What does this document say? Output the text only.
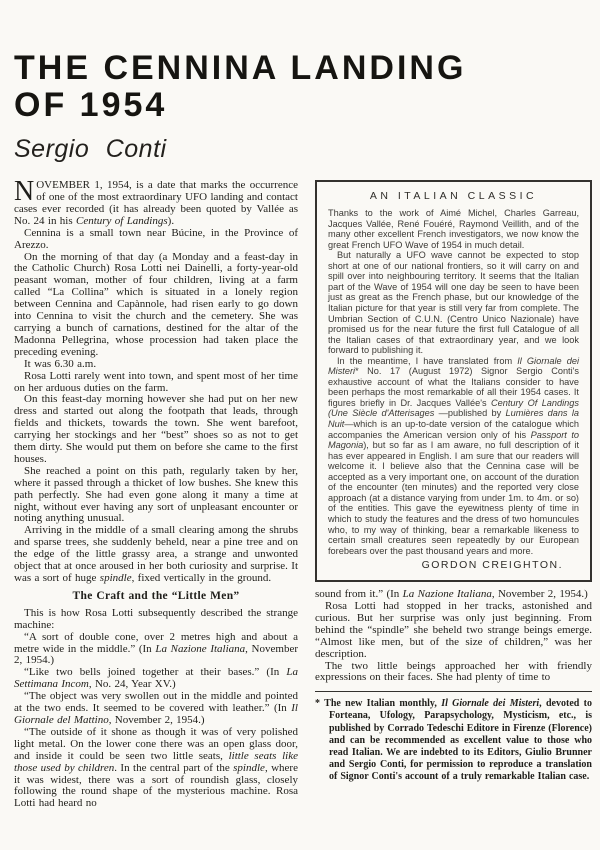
THE CENNINA LANDING
OF 1954
Sergio Conti

NOVEMBER 1, 1954, is a date that marks the occurrence of one of the most extraordinary UFO landing and contact cases ever recorded (it has already been quoted by Vallée as No. 24 in his Century of Landings).

Cennina is a small town near Búcine, in the Province of Arezzo.

On the morning of that day (a Monday and a feast-day in the Catholic Church) Rosa Lotti nei Dainelli, a forty-year-old peasant woman, mother of four children, living at a farm called “La Collina” which is situated in a lonely region between Cennina and Capànnole, had risen early to go down into Cennina to visit the church and the cemetery. She was carrying a bunch of carnations, destined for the altar of the Madonna Pellegrina, whose procession had taken place the preceding evening.

It was 6.30 a.m.

Rosa Lotti rarely went into town, and spent most of her time on her arduous duties on the farm.

On this feast-day morning however she had put on her new dress and started out along the footpath that leads, through fields and thickets, towards the town. She went barefoot, carrying her stockings and her “best” shoes so as not to get them dirty. She would put them on before she came to the first houses.

She reached a point on this path, regularly taken by her, where it passed through a thicket of low bushes. She knew this path perfectly. She had even gone along it many a time at night, without ever having any sort of unpleasant encounter or noting anything unusual.

Arriving in the middle of a small clearing among the shrubs and sparse trees, she suddenly beheld, near a pine tree and on the edge of the little grassy area, a strange and unwonted object that at once aroused in her both curiosity and surprise. It was a sort of huge spindle, fixed vertically in the ground.

The Craft and the “Little Men”

This is how Rosa Lotti subsequently described the strange machine:

“A sort of double cone, over 2 metres high and about a metre wide in the middle.” (In La Nazione Italiana, November 2, 1954.)

“Like two bells joined together at their bases.” (In La Settimana Incom, No. 24, Year XV.)

“The object was very swollen out in the middle and pointed at the two ends. It seemed to be covered with leather.” (In Il Giornale del Mattino, November 2, 1954.)

“The outside of it shone as though it was of very polished light metal. On the lower cone there was an open glass door, and inside it could be seen two little seats, little seats like those used by children. In the central part of the spindle, where it was widest, there was a sort of roundish glass, closely following the round shape of the mysterious machine. Rosa Lotti had heard no

AN ITALIAN CLASSIC

Thanks to the work of Aimé Michel, Charles Garreau, Jacques Vallée, René Fouéré, Raymond Veillith, and of the many other excellent French investigators, we now know the great French UFO Wave of 1954 in much detail.

But naturally a UFO wave cannot be expected to stop short at one of our national frontiers, so it will carry on and spill over into neighbouring territory. It seems that the Italian part of the Wave of 1954 will one day be seen to have been just as great as the French phase, but our knowledge of the Italian picture for that year is still very far from complete. The Umbrian Section of C.U.N. (Centro Unico Nazionale) have promised us for the near future the first full Catalogue of all the Italian cases of that extraordinary year, and we look forward to publishing it.

In the meantime, I have translated from Il Giornale dei Misteri* No. 17 (August 1972) Signor Sergio Conti's exhaustive account of what the Italians consider to have been perhaps the most remarkable of all their 1954 cases. It figures briefly in Dr. Jacques Vallée's Century Of Landings (Une Siècle d'Atterisages —published by Lumières dans la Nuit—which is an up-to-date version of the catalogue which accompanies the American version only of his Passport to Magonia), but so far as I am aware, no full description of it has ever appeared in English. I am sure that our readers will welcome it. I believe also that the Cennina case will be accepted as a very important one, on account of the duration of the encounter (ten minutes) and the reported very close approach (at a distance varying from under 1m. to 4m. or so) of the entities. This gave the eyewitness plenty of time in which to study the features and the dress of two homuncules who, to my way of thinking, bear a remarkable likeness to certain small creatures seen repeatedly by our European forebears over the past thousand years and more.

GORDON CREIGHTON.

sound from it.” (In La Nazione Italiana, November 2, 1954.)

Rosa Lotti had stopped in her tracks, astonished and curious. But her surprise was only just beginning. From behind the “spindle” she beheld two strange beings emerge. “Almost like men, but of the size of children,” was her description.

The two little beings approached her with friendly expressions on their faces. She had plenty of time to

* The new Italian monthly, Il Giornale dei Misteri, devoted to Forteana, Ufology, Parapsychology, Mysticism, etc., is published by Corrado Tedeschi Editore in Firenze (Florence) and can be recommended as excellent value to those who read Italian. We are indebted to its Editors, Giulio Brunner and Sergio Conti, for permission to reproduce a translation of Signor Conti's account of a truly remarkable Italian case.
